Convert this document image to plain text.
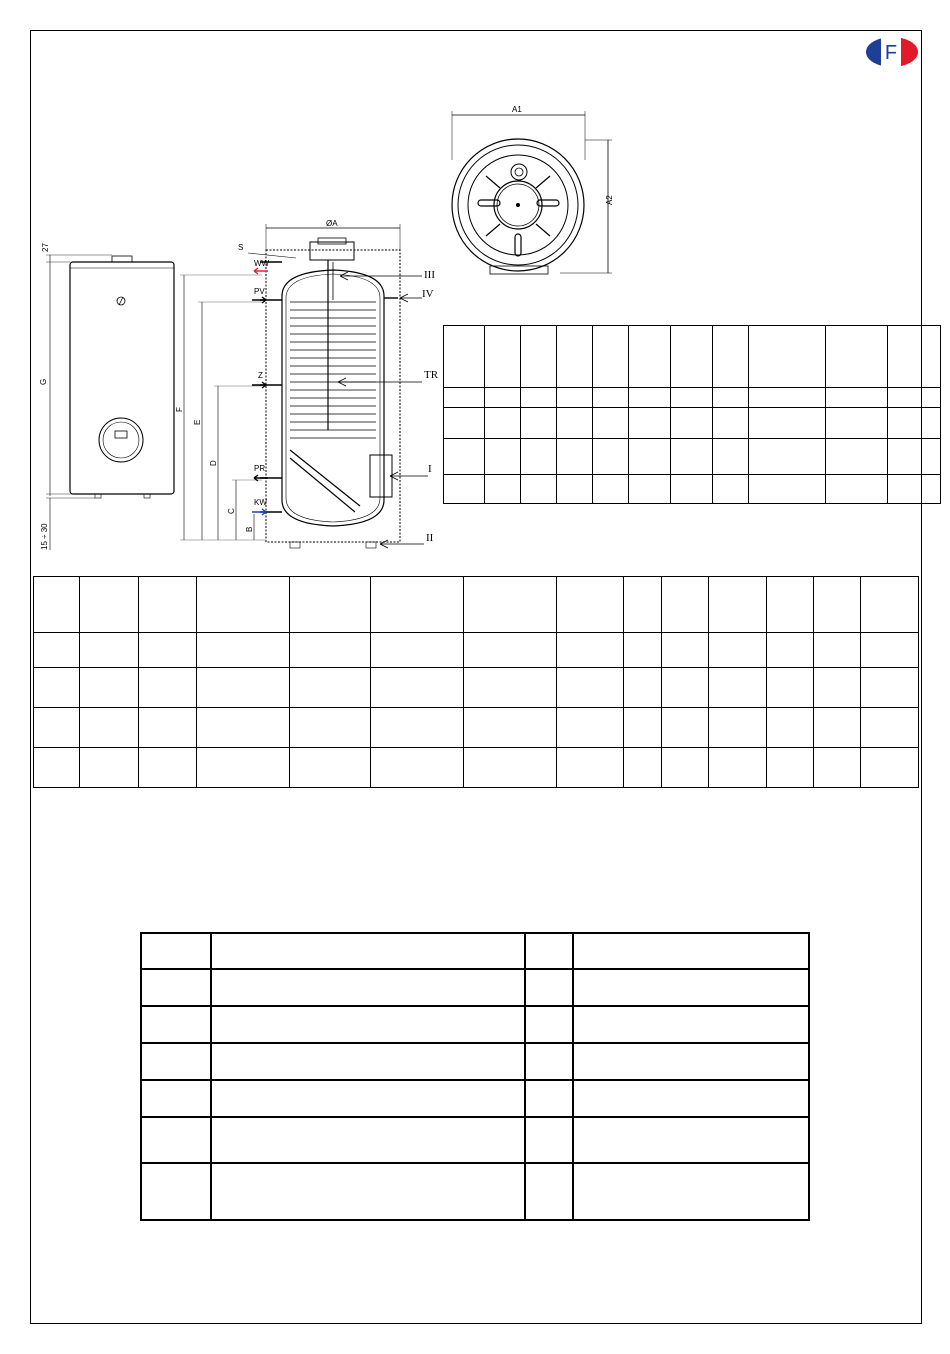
F
A1
A2
27
G
15 ÷ 30
ØA
S
WW
PV
Z
PR
KW
F
E
D
C
B
III
IV
TR
I
II
